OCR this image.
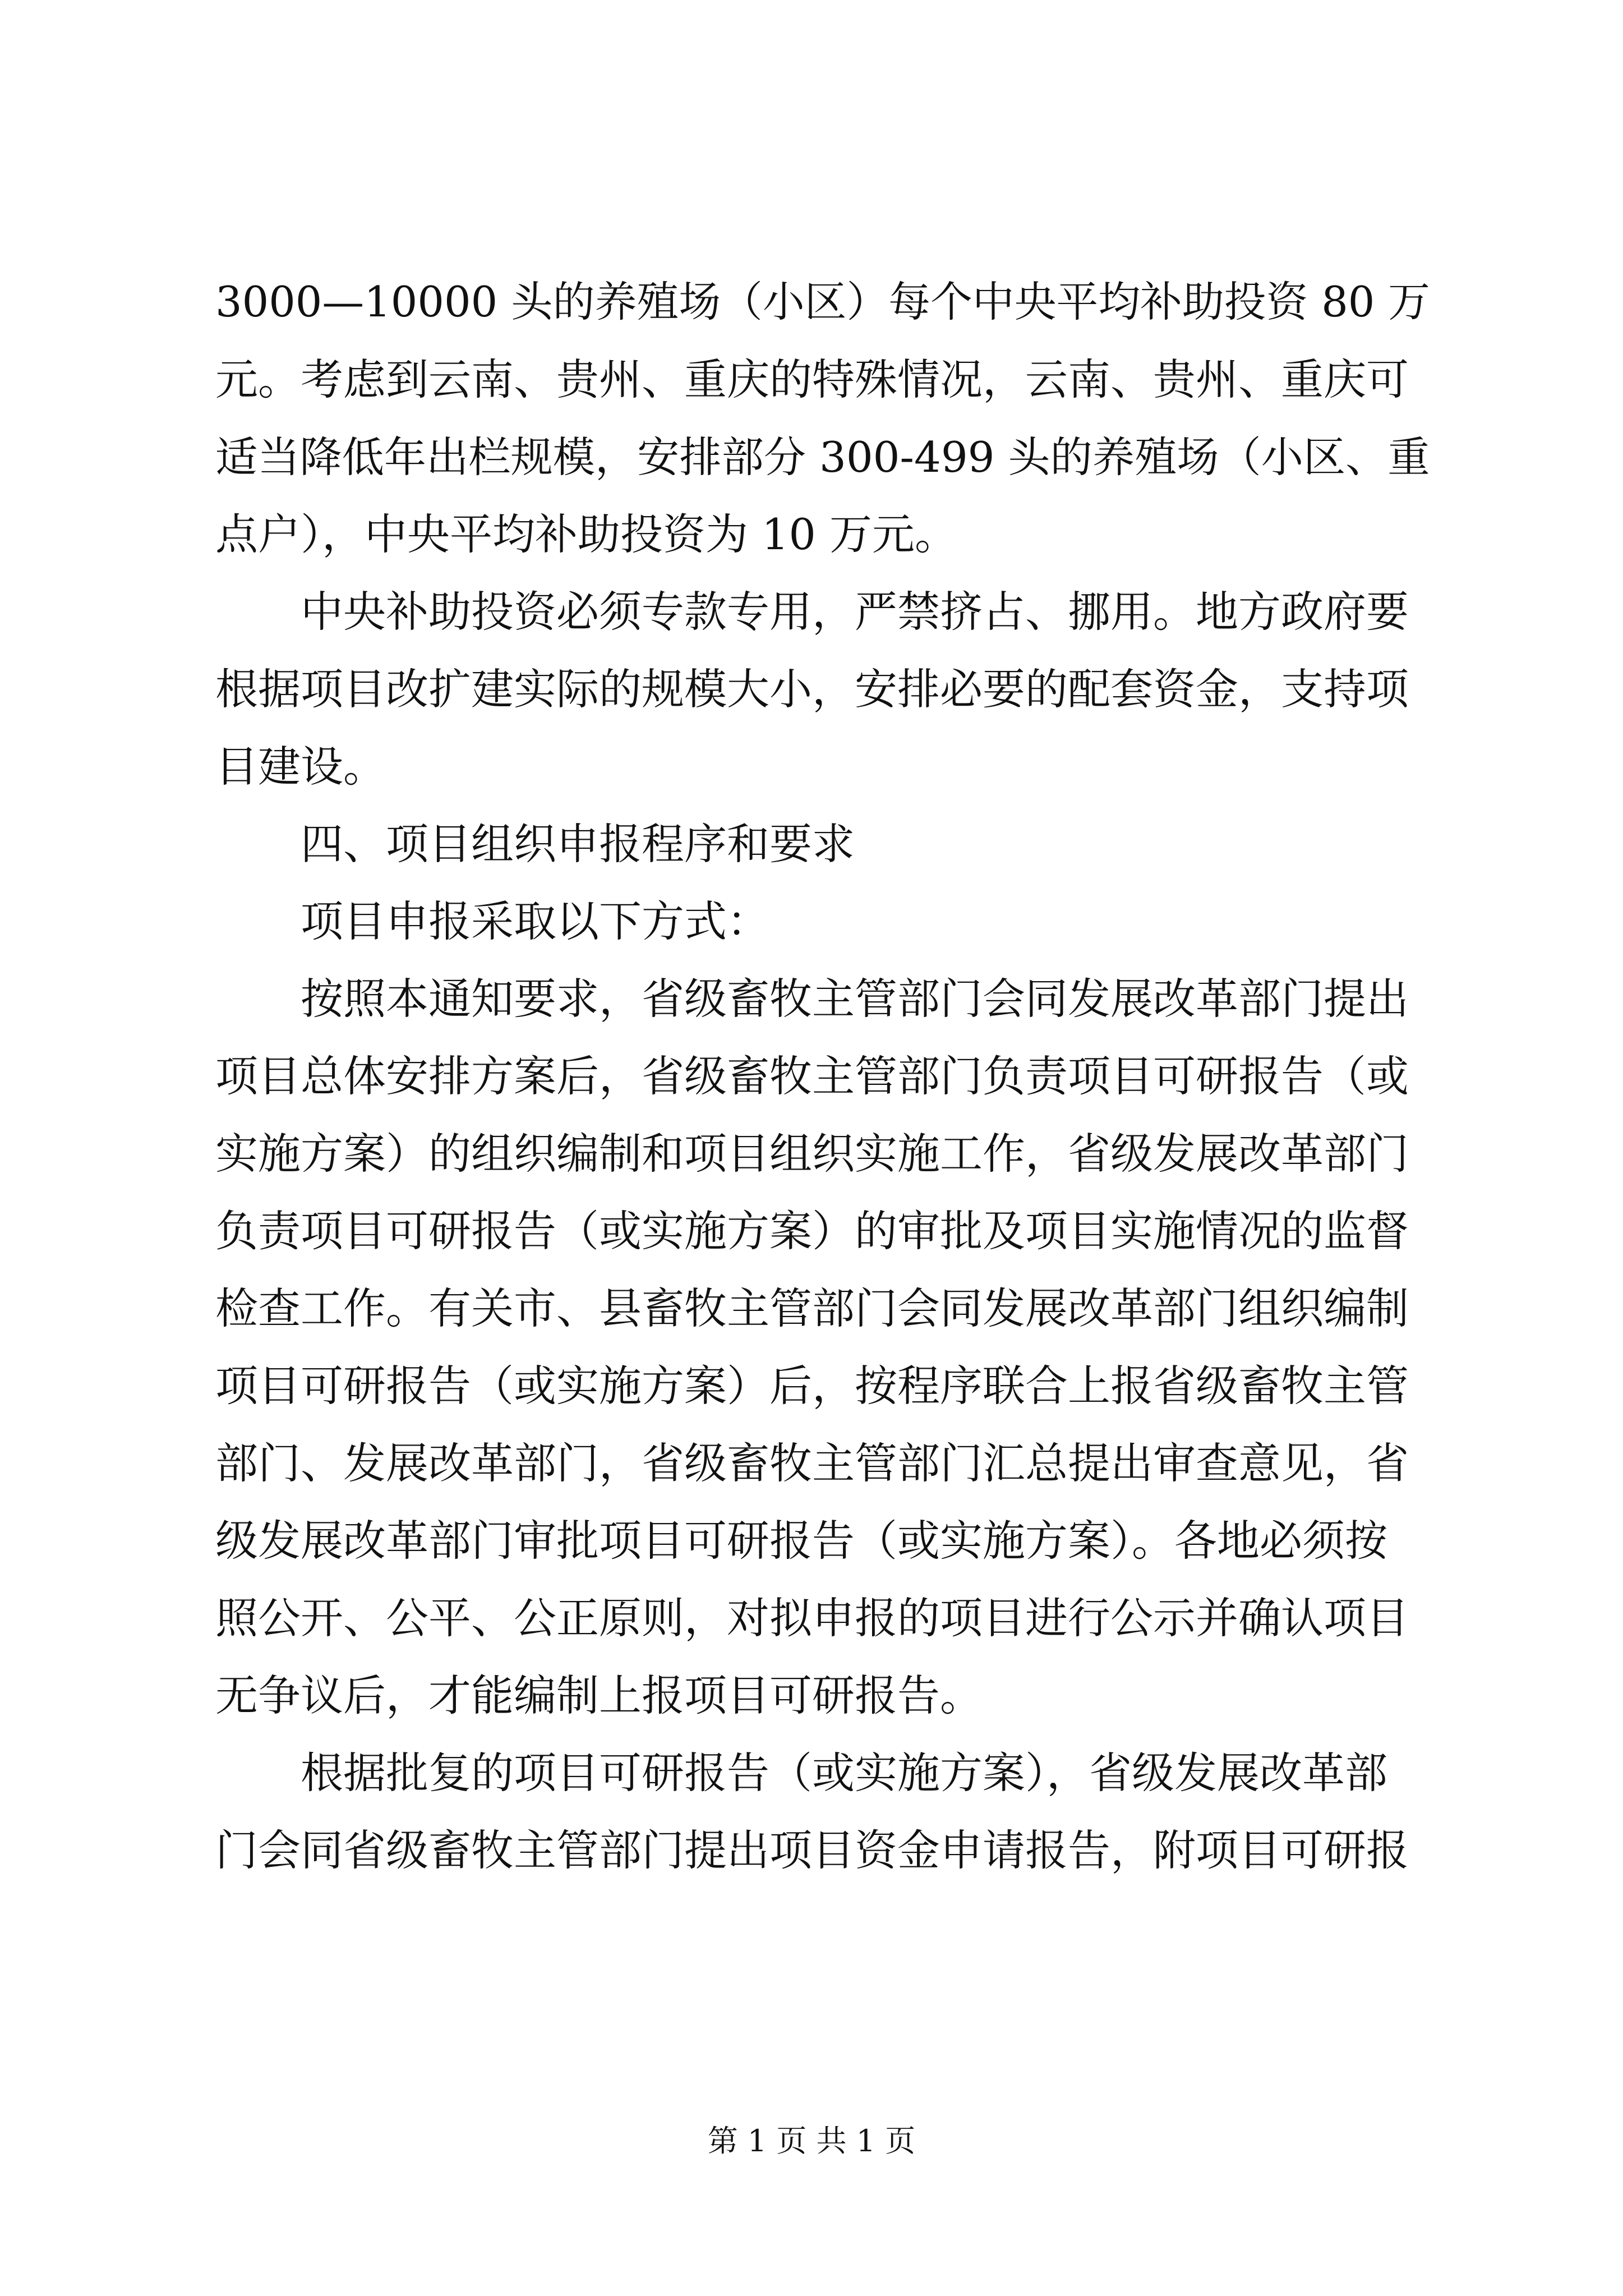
3000—10000 头的养殖场（小区）每个中央平均补助投资 80 万
元。考虑到云南、贵州、重庆的特殊情况，云南、贵州、重庆可
适当降低年出栏规模，安排部分 300-499 头的养殖场（小区、重
点户），中央平均补助投资为 10 万元。

中央补助投资必须专款专用，严禁挤占、挪用。地方政府要
根据项目改扩建实际的规模大小，安排必要的配套资金，支持项
目建设。

四、项目组织申报程序和要求

项目申报采取以下方式：

按照本通知要求，省级畜牧主管部门会同发展改革部门提出
项目总体安排方案后，省级畜牧主管部门负责项目可研报告（或
实施方案）的组织编制和项目组织实施工作，省级发展改革部门
负责项目可研报告（或实施方案）的审批及项目实施情况的监督
检查工作。有关市、县畜牧主管部门会同发展改革部门组织编制
项目可研报告（或实施方案）后，按程序联合上报省级畜牧主管
部门、发展改革部门，省级畜牧主管部门汇总提出审查意见，省
级发展改革部门审批项目可研报告（或实施方案）。各地必须按
照公开、公平、公正原则，对拟申报的项目进行公示并确认项目
无争议后，才能编制上报项目可研报告。

根据批复的项目可研报告（或实施方案），省级发展改革部
门会同省级畜牧主管部门提出项目资金申请报告，附项目可研报

第 1 页 共 1 页
